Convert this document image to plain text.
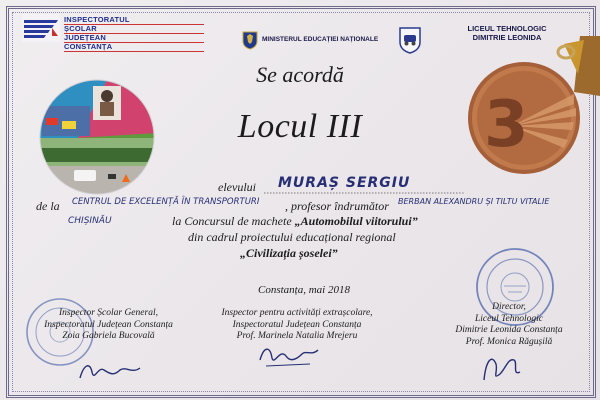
INSPECTORATUL
ȘCOLAR
JUDEȚEAN
CONSTANȚA
MINISTERUL EDUCAȚIEI NAȚIONALE
LICEUL TEHNOLOGIC
DIMITRIE LEONIDA
Se acordă
Locul III	3
elevului MURAȘ SERGIU
de la CENTRUL DE EXCELENȚĂ ÎN TRANSPORTURI , profesor îndrumător BERBAN ALEXANDRU ȘI TILTU VITALIE
CHIȘINĂU	la Concursul de machete „Automobilul viitorului”
din cadrul proiectului educațional regional
„Civilizația șoselei”
Constanța, mai 2018
Inspector Școlar General,
Inspectoratul Județean Constanța
Zoia Gabriela Bucovală
Inspector pentru activități extrașcolare,
Inspectoratul Județean Constanța
Prof. Marinela Natalia Mrejeru
Director,
Liceul Tehnologic
Dimitrie Leonida Constanța
Prof. Monica Răgușilă
